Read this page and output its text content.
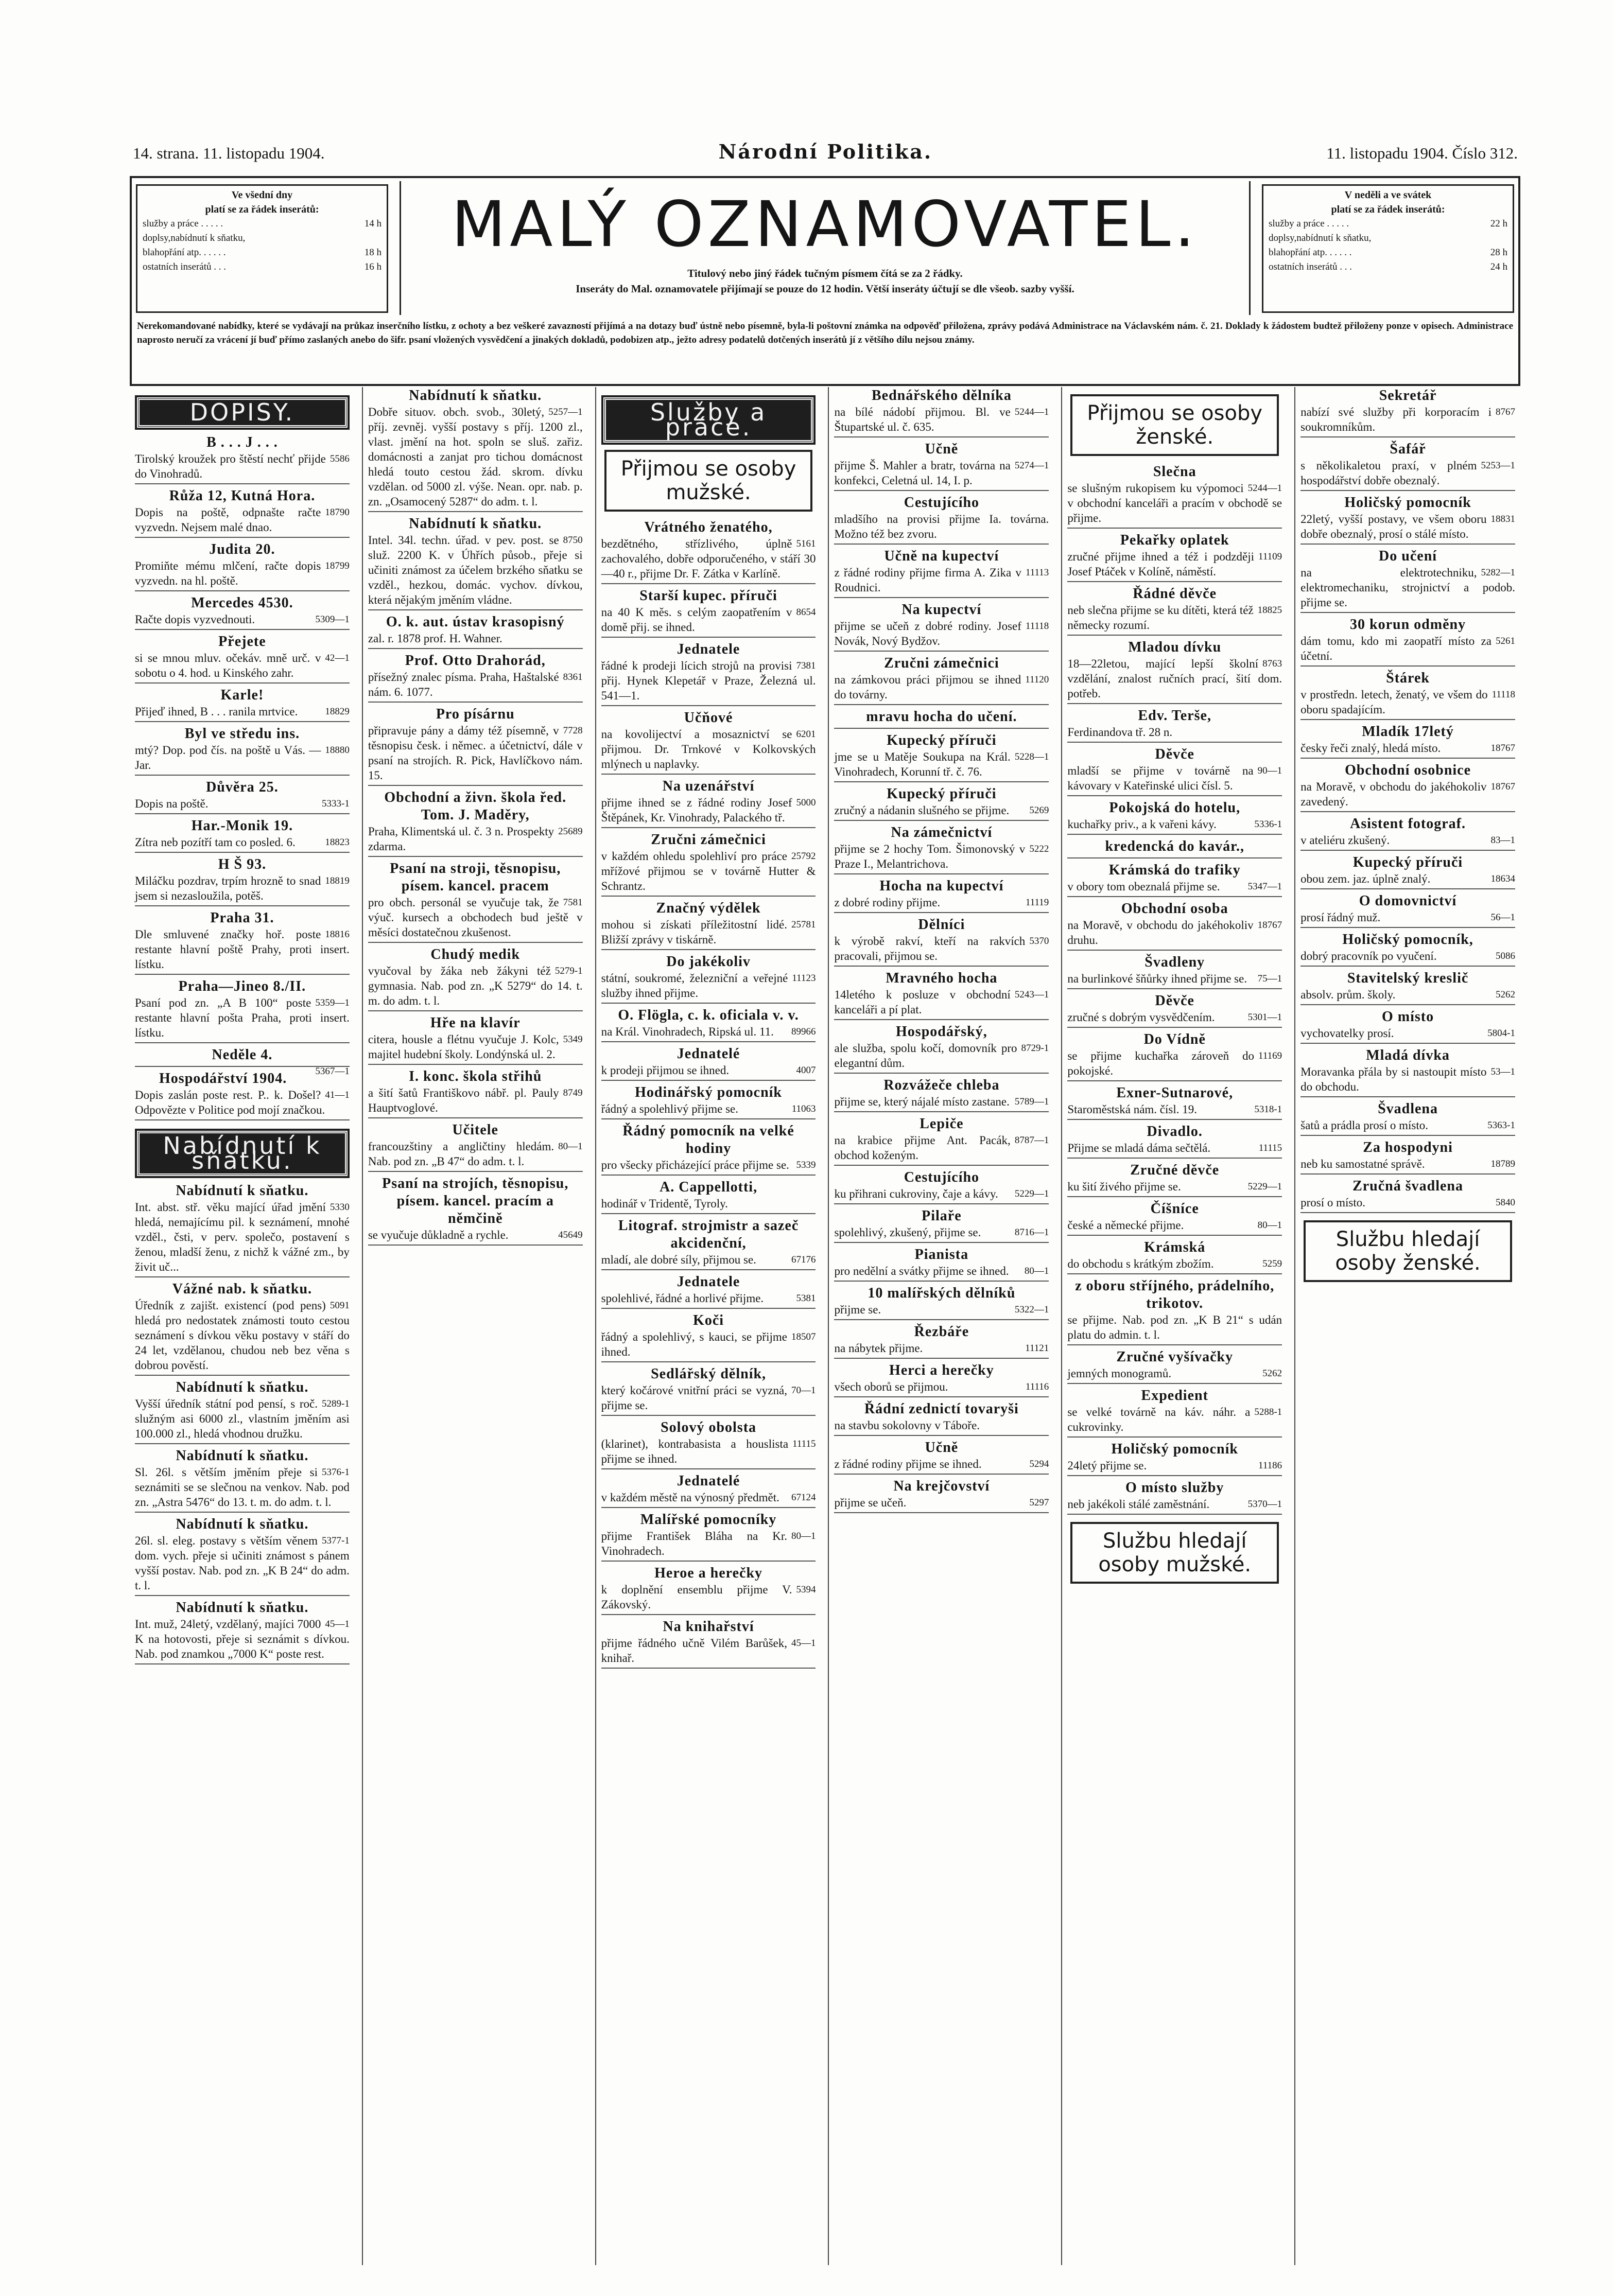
14. strana. 11. listopadu 1904.	Národní Politika.	11. listopadu 1904. Číslo 312.
Ve všední dny
platí se za řádek inserátů:
služby a práce . . . . .	14 h
doplsy,nabídnutí k sňatku,
blahopřání atp. . . . . .	18 h
ostatních inserátů . . .	16 h
MALÝ OZNAMOVATEL.
Titulový nebo jiný řádek tučným písmem čítá se za 2 řádky.
Inseráty do Mal. oznamovatele přijímají se pouze do 12 hodin. Větší inseráty účtují se dle všeob. sazby vyšší.
V neděli a ve svátek
platí se za řádek inserátů:
služby a práce . . . . .	22 h
doplsy,nabídnutí k sňatku,
blahopřání atp. . . . . .	28 h
ostatních inserátů . . .	24 h
Nerekomandované nabídky, které se vydávají na průkaz inserčního lístku, z ochoty a bez veškeré zavazností přijímá a na dotazy buď ústně nebo písemně, byla-li poštovní známka na odpověď přiložena, zprávy podává Administrace na Václavském nám. č. 21. Doklady k žádostem budtež přiloženy ponze v opisech. Administrace naprosto neručí za vrácení jí buď přímo zaslaných anebo do šifr. psaní vložených vysvědčení a jinakých dokladů, podobizen atp., ježto adresy podatelů dotčených inserátů jí z většího dílu nejsou známy.
DOPISY.
B . . . J . . .
5586
Tirolský kroužek pro štěstí nechť přijde do Vinohradů.
Růža 12, Kutná Hora.
18790
Dopis na poště, odpnašte račte vyzvedn. Nejsem malé dnao.
Judita 20.
18799
Promiňte mému mlčení, račte dopis vyzvedn. na hl. poště.
Mercedes 4530.
5309—1
Račte dopis vyzvednouti.
Přejete
42—1
si se mnou mluv. očekáv. mně urč. v sobotu o 4. hod. u Kinského zahr.
Karle!
18829
Přijeď ihned, B . . . ranila mrtvice.
Byl ve středu ins.
18880
mtý? Dop. pod čís. na poště u Vás. — Jar.
Důvěra 25.
5333-1
Dopis na poště.
Har.-Monik 19.
18823
Zítra neb pozítří tam co posled. 6.
H Š 93.
18819
Miláčku pozdrav, trpím hrozně to snad jsem si nezasloužila, potěš.
Praha 31.
18816
Dle smluvené značky hoř. poste restante hlavní poště Prahy, proti insert. lístku.
Praha—Jineo 8./II.
5359—1
Psaní pod zn. „A B 100“ poste restante hlavní pošta Praha, proti insert. lístku.
Neděle 4.
5367—1
Hospodářství 1904.
41—1
Dopis zaslán poste rest. P.. k. Došel? Odpovězte v Politice pod mojí značkou.
Nabídnutí k sňatku.
Nabídnutí k sňatku.
5330
Int. abst. stř. věku mající úřad jmění hledá, nemajícímu pil. k seznámení, mnohé vzděl., čsti, v perv. společo, postavení s ženou, mladší ženu, z nichž k vážné zm., by živit uč...
Vážné nab. k sňatku.
5091
Úředník z zajišt. existencí (pod pens) hledá pro nedostatek známosti touto cestou seznámení s dívkou věku postavy v stáří do 24 let, vzdělanou, chudou neb bez věna s dobrou pověstí.
Nabídnutí k sňatku.
5289-1
Vyšší úředník státní pod pensí, s roč. služným asi 6000 zl., vlastním jměním asi 100.000 zl., hledá vhodnou družku.
Nabídnutí k sňatku.
5376-1
Sl. 26l. s větším jměním přeje si seznámiti se se slečnou na venkov. Nab. pod zn. „Astra 5476“ do 13. t. m. do adm. t. l.
Nabídnutí k sňatku.
5377-1
26l. sl. eleg. postavy s větším věnem dom. vych. přeje si učiniti známost s pánem vyšší postav. Nab. pod zn. „K B 24“ do adm. t. l.
Nabídnutí k sňatku.
45—1
Int. muž, 24letý, vzdělaný, majíci 7000 K na hotovosti, přeje si seznámit s dívkou. Nab. pod znamkou „7000 K“ poste rest.
Nabídnutí k sňatku.
5257—1
Dobře situov. obch. svob., 30letý, příj. zevněj. vyšší postavy s příj. 1200 zl., vlast. jmění na hot. spoln se sluš. zařiz. domácnosti a zanjat pro tichou domácnost hledá touto cestou žád. skrom. dívku vzdělan. od 5000 zl. výše. Nean. opr. nab. p. zn. „Osamocený 5287“ do adm. t. l.
Nabídnutí k sňatku.
8750
Intel. 34l. techn. úřad. v pev. post. se služ. 2200 K. v Úhřích působ., přeje si učiniti známost za účelem brzkého sňatku se vzděl., hezkou, domác. vychov. dívkou, která nějakým jměním vládne.
O. k. aut. ústav krasopisný
zal. r. 1878 prof. H. Wahner.
Prof. Otto Drahorád,
8361
přísežný znalec písma. Praha, Haštalské nám. 6. 1077.
Pro písárnu
7728
připravuje pány a dámy též písemně, v těsnopisu česk. i němec. a účetnictví, dále v psaní na strojích. R. Pick, Havlíčkovo nám. 15.
Obchodní a živn. škola řed. Tom. J. Maděry,
25689
Praha, Klimentská ul. č. 3 n. Prospekty zdarma.
Psaní na stroji, těsnopisu, písem. kancel. pracem
7581
pro obch. personál se vyučuje tak, že výuč. kursech a obchodech bud ještě v měsíci dostatečnou zkušenost.
Chudý medik
5279-1
vyučoval by žáka neb žákyni též gymnasia. Nab. pod zn. „K 5279“ do 14. t. m. do adm. t. l.
Hře na klavír
5349
citera, housle a flétnu vyučuje J. Kolc, majitel hudební školy. Londýnská ul. 2.
I. konc. škola střihů
8749
a šití šatů Františkovo nábř. pl. Pauly Hauptvoglové.
Učitele
80—1
francouzštiny a angličtiny hledám. Nab. pod zn. „B 47“ do adm. t. l.
Psaní na strojích, těsnopisu, písem. kancel. pracím a němčině
45649
se vyučuje důkladně a rychle.
Služby a práce.
Přijmou se osoby mužské.
Vrátného ženatého,
5161
bezdětného, střízlivého, úplně zachovalého, dobře odporučeného, v stáří 30—40 r., přijme Dr. F. Zátka v Karlíně.
Starší kupec. příruči
8654
na 40 K měs. s celým zaopatřením v domě přij. se ihned.
Jednatele
7381
řádné k prodeji lícich strojů na provisi přij. Hynek Klepetář v Praze, Železná ul. 541—1.
Učňové
6201
na kovolijectví a mosaznictví se přijmou. Dr. Trnkové v Kolkovských mlýnech u naplavky.
Na uzenářství
5000
přijme ihned se z řádné rodiny Josef Štěpánek, Kr. Vinohrady, Palackého tř.
Zručni zámečnici
25792
v každém ohledu spolehliví pro práce mřížové přijmou se v továrně Hutter & Schrantz.
Značný výdělek
25781
mohou si získati příležitostní lidé. Bližší zprávy v tiskárně.
Do jakékoliv
11123
státní, soukromé, železniční a veřejné služby ihned přijme.
O. Flögla, c. k. oficiala v. v.
89966
na Král. Vinohradech, Ripská ul. 11.
Jednatelé
4007
k prodeji přijmou se ihned.
Hodinářský pomocník
11063
řádný a spolehlivý přijme se.
Řádný pomocník na velké hodiny
5339
pro všecky přicházející práce přijme se.
A. Cappellotti,
hodinář v Tridentě, Tyroly.
Litograf. strojmistr a sazeč akcidenční,
67176
mladí, ale dobré síly, přijmou se.
Jednatele
5381
spolehlivé, řádné a horlivé přijme.
Koči
18507
řádný a spolehlivý, s kauci, se přijme ihned.
Sedlářský dělník,
70—1
který kočárové vnitřní práci se vyzná, přijme se.
Solový obolsta
11115
(klarinet), kontrabasista a houslista přijme se ihned.
Jednatelé
67124
v každém městě na výnosný předmět.
Malířské pomocníky
80—1
přijme František Bláha na Kr. Vinohradech.
Heroe a herečky
5394
k doplnění ensemblu přijme V. Zákovský.
Na knihařství
45—1
přijme řádného učně Vilém Barůšek, knihař.
Bednářského dělníka
5244—1
na bílé nádobí přijmou. Bl. ve Štupartské ul. č. 635.
Učně
5274—1
přijme Š. Mahler a bratr, továrna na konfekci, Celetná ul. 14, I. p.
Cestujícího
mladšího na provisi přijme Ia. továrna. Možno též bez zvoru.
Učně na kupectví
11113
z řádné rodiny přijme firma A. Zika v Roudnici.
Na kupectví
11118
přijme se učeň z dobré rodiny. Josef Novák, Nový Bydžov.
Zručni zámečnici
11120
na zámkovou práci přijmou se ihned do továrny.
mravu hocha do učení.
Kupecký příruči
5228—1
jme se u Matěje Soukupa na Král. Vinohradech, Korunní tř. č. 76.
Kupecký příruči
5269
zručný a nádanin slušného se přijme.
Na zámečnictví
5222
přijme se 2 hochy Tom. Šimonovský v Praze I., Melantrichova.
Hocha na kupectví
11119
z dobré rodiny přijme.
Dělníci
5370
k výrobě rakví, kteří na rakvích pracovali, přijmou se.
Mravného hocha
5243—1
14letého k posluze v obchodní kanceláři a pí plat.
Hospodářský,
8729-1
ale služba, spolu kočí, domovník pro elegantní dům.
Rozvážeče chleba
5789—1
přijme se, který nájalé místo zastane.
Lepiče
8787—1
na krabice přijme Ant. Pacák, obchod koženým.
Cestujícího
5229—1
ku přihrani cukroviny, čaje a kávy.
Pilaře
8716—1
spolehlivý, zkušený, přijme se.
Pianista
80—1
pro nedělní a svátky přijme se ihned.
10 malířských dělníků
5322—1
přijme se.
Řezbáře
11121
na nábytek přijme.
Herci a herečky
11116
všech oborů se přijmou.
Řádní zednictí tovaryši
na stavbu sokolovny v Táboře.
Učně
5294
z řádné rodiny přijme se ihned.
Na krejčovství
5297
přijme se učeň.
Přijmou se osoby ženské.
Slečna
5244—1
se slušným rukopisem ku výpomoci v obchodní kanceláři a pracím v obchodě se přijme.
Pekařky oplatek
11109
zručné přijme ihned a též i podzději Josef Ptáček v Kolíně, náměstí.
Řádné děvče
18825
neb slečna přijme se ku dítěti, která též německy rozumí.
Mladou dívku
8763
18—22letou, mající lepší školní vzdělání, znalost ručních prací, šití dom. potřeb.
Edv. Terše,
Ferdinandova tř. 28 n.
Děvče
90—1
mladší se přijme v továrně na kávovary v Kateřinské ulici čísl. 5.
Pokojská do hotelu,
5336-1
kuchařky priv., a k vařeni kávy.
kredencká do kavár.,
Krámská do trafiky
5347—1
v obory tom obeznalá přijme se.
Obchodní osoba
18767
na Moravě, v obchodu do jakéhokoliv druhu.
Švadleny
75—1
na burlinkové šňůrky ihned přijme se.
Děvče
5301—1
zručné s dobrým vysvědčením.
Do Vídně
11169
se přijme kuchařka zároveň do pokojské.
Exner-Sutnarové,
5318-1
Staroměstská nám. čísl. 19.
Divadlo.
11115
Přijme se mladá dáma sečtělá.
Zručné děvče
5229—1
ku šití živého přijme se.
Číšníce
80—1
české a německé přijme.
Krámská
5259
do obchodu s krátkým zbožím.
z oboru stříjného, prádelního, trikotov.
se přijme. Nab. pod zn. „K B 21“ s udán platu do admin. t. l.
Zručné vyšívačky
5262
jemných monogramů.
Expedient
5288-1
se velké továrně na káv. náhr. a cukrovinky.
Holičský pomocník
11186
24letý přijme se.
O místo služby
5370—1
neb jakékoli stálé zaměstnání.
Službu hledají osoby mužské.
Sekretář
8767
nabízí své služby při korporacím i soukromníkům.
Šafář
5253—1
s několikaletou praxí, v plném hospodářství dobře obeznalý.
Holičský pomocník
18831
22letý, vyšší postavy, ve všem oboru dobře obeznalý, prosí o stálé místo.
Do učení
5282—1
na elektrotechniku, elektromechaniku, strojnictví a podob. přijme se.
30 korun odměny
5261
dám tomu, kdo mi zaopatří místo za účetní.
Štárek
11118
v prostředn. letech, ženatý, ve všem do oboru spadajícím.
Mladík 17letý
18767
česky řeči znalý, hledá místo.
Obchodní osobnice
18767
na Moravě, v obchodu do jakéhokoliv zavedený.
Asistent fotograf.
83—1
v ateliéru zkušený.
Kupecký příruči
18634
obou zem. jaz. úplně znalý.
O domovnictví
56—1
prosí řádný muž.
Holičský pomocník,
5086
dobrý pracovník po vyučení.
Stavitelský kreslič
5262
absolv. prům. školy.
O místo
5804-1
vychovatelky prosí.
Mladá dívka
53—1
Moravanka přála by si nastoupit místo do obchodu.
Švadlena
5363-1
šatů a prádla prosí o místo.
Za hospodyni
18789
neb ku samostatné správě.
Zručná švadlena
5840
prosí o místo.
Službu hledají osoby ženské.
